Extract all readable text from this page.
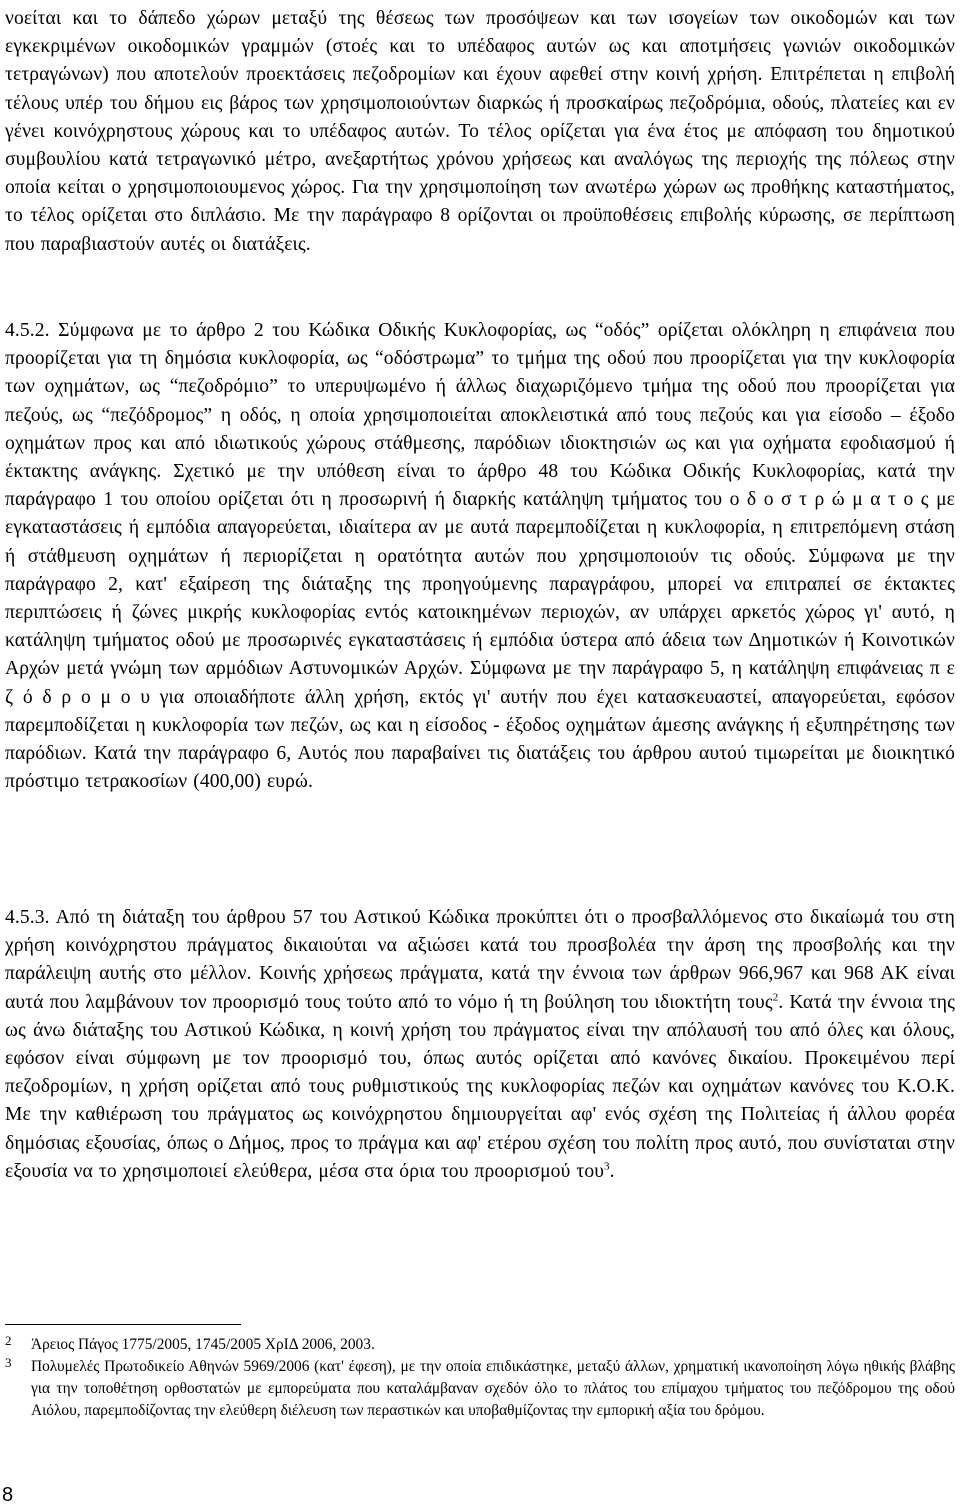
νοείται και το δάπεδο χώρων μεταξύ της θέσεως των προσόψεων και των ισογείων των οικοδομών και των εγκεκριμένων οικοδομικών γραμμών (στοές και το υπέδαφος αυτών ως και αποτμήσεις γωνιών οικοδομικών τετραγώνων) που αποτελούν προεκτάσεις πεζοδρομίων και έχουν αφεθεί στην κοινή χρήση. Επιτρέπεται η επιβολή τέλους υπέρ του δήμου εις βάρος των χρησιμοποιούντων διαρκώς ή προσκαίρως πεζοδρόμια, οδούς, πλατείες και εν γένει κοινόχρηστους χώρους και το υπέδαφος αυτών. Το τέλος ορίζεται για ένα έτος με απόφαση του δημοτικού συμβουλίου κατά τετραγωνικό μέτρο, ανεξαρτήτως χρόνου χρήσεως και αναλόγως της περιοχής της πόλεως στην οποία κείται ο χρησιμοποιουμενος χώρος. Για την χρησιμοποίηση των ανωτέρω χώρων ως προθήκης καταστήματος, το τέλος ορίζεται στο διπλάσιο. Με την παράγραφο 8 ορίζονται οι προϋποθέσεις επιβολής κύρωσης, σε περίπτωση που παραβιαστούν αυτές οι διατάξεις.
4.5.2. Σύμφωνα με το άρθρο 2 του Κώδικα Οδικής Κυκλοφορίας, ως “οδός” ορίζεται ολόκληρη η επιφάνεια που προορίζεται για τη δημόσια κυκλοφορία, ως “οδόστρωμα” το τμήμα της οδού που προορίζεται για την κυκλοφορία των οχημάτων, ως “πεζοδρόμιο” το υπερυψωμένο ή άλλως διαχωριζόμενο τμήμα της οδού που προορίζεται για πεζούς, ως “πεζόδρομος” η οδός, η οποία χρησιμοποιείται αποκλειστικά από τους πεζούς και για είσοδο – έξοδο οχημάτων προς και από ιδιωτικούς χώρους στάθμεσης, παρόδιων ιδιοκτησιών ως και για οχήματα εφοδιασμού ή έκτακτης ανάγκης. Σχετικό με την υπόθεση είναι το άρθρο 48 του Κώδικα Οδικής Κυκλοφορίας, κατά την παράγραφο 1 του οποίου ορίζεται ότι η προσωρινή ή διαρκής κατάληψη τμήματος του ο δ ο σ τ ρ ώ μ α τ ο ς με εγκαταστάσεις ή εμπόδια απαγορεύεται, ιδιαίτερα αν με αυτά παρεμποδίζεται η κυκλοφορία, η επιτρεπόμενη στάση ή στάθμευση οχημάτων ή περιορίζεται η ορατότητα αυτών που χρησιμοποιούν τις οδούς. Σύμφωνα με την παράγραφο 2, κατ' εξαίρεση της διάταξης της προηγούμενης παραγράφου, μπορεί να επιτραπεί σε έκτακτες περιπτώσεις ή ζώνες μικρής κυκλοφορίας εντός κατοικημένων περιοχών, αν υπάρχει αρκετός χώρος γι' αυτό, η κατάληψη τμήματος οδού με προσωρινές εγκαταστάσεις ή εμπόδια ύστερα από άδεια των Δημοτικών ή Κοινοτικών Αρχών μετά γνώμη των αρμόδιων Αστυνομικών Αρχών. Σύμφωνα με την παράγραφο 5, η κατάληψη επιφάνειας π ε ζ ό δ ρ ο μ ο υ για οποιαδήποτε άλλη χρήση, εκτός γι' αυτήν που έχει κατασκευαστεί, απαγορεύεται, εφόσον παρεμποδίζεται η κυκλοφορία των πεζών, ως και η είσοδος - έξοδος οχημάτων άμεσης ανάγκης ή εξυπηρέτησης των παρόδιων. Κατά την παράγραφο 6, Αυτός που παραβαίνει τις διατάξεις του άρθρου αυτού τιμωρείται με διοικητικό πρόστιμο τετρακοσίων (400,00) ευρώ.
4.5.3. Από τη διάταξη του άρθρου 57 του Αστικού Κώδικα προκύπτει ότι ο προσβαλλόμενος στο δικαίωμά του στη χρήση κοινόχρηστου πράγματος δικαιούται να αξιώσει κατά του προσβολέα την άρση της προσβολής και την παράλειψη αυτής στο μέλλον. Κοινής χρήσεως πράγματα, κατά την έννοια των άρθρων 966,967 και 968 ΑΚ είναι αυτά που λαμβάνουν τον προορισμό τους τούτο από το νόμο ή τη βούληση του ιδιοκτήτη τους$^2$. Κατά την έννοια της ως άνω διάταξης του Αστικού Κώδικα, η κοινή χρήση του πράγματος είναι την απόλαυσή του από όλες και όλους, εφόσον είναι σύμφωνη με τον προορισμό του, όπως αυτός ορίζεται από κανόνες δικαίου. Προκειμένου περί πεζοδρομίων, η χρήση ορίζεται από τους ρυθμιστικούς της κυκλοφορίας πεζών και οχημάτων κανόνες του Κ.Ο.Κ. Με την καθιέρωση του πράγματος ως κοινόχρηστου δημιουργείται αφ' ενός σχέση της Πολιτείας ή άλλου φορέα δημόσιας εξουσίας, όπως ο Δήμος, προς το πράγμα και αφ' ετέρου σχέση του πολίτη προς αυτό, που συνίσταται στην εξουσία να το χρησιμοποιεί ελεύθερα, μέσα στα όρια του προορισμού του$^3$.
2 Άρειος Πάγος 1775/2005, 1745/2005 ΧρΙΔ 2006, 2003.
3 Πολυμελές Πρωτοδικείο Αθηνών 5969/2006 (κατ' έφεση), με την οποία επιδικάστηκε, μεταξύ άλλων, χρηματική ικανοποίηση λόγω ηθικής βλάβης για την τοποθέτηση ορθοστατών με εμπορεύματα που καταλάμβαναν σχεδόν όλο το πλάτος του επίμαχου τμήματος του πεζόδρομου της οδού Αιόλου, παρεμποδίζοντας την ελεύθερη διέλευση των περαστικών και υποβαθμίζοντας την εμπορική αξία του δρόμου.
8
